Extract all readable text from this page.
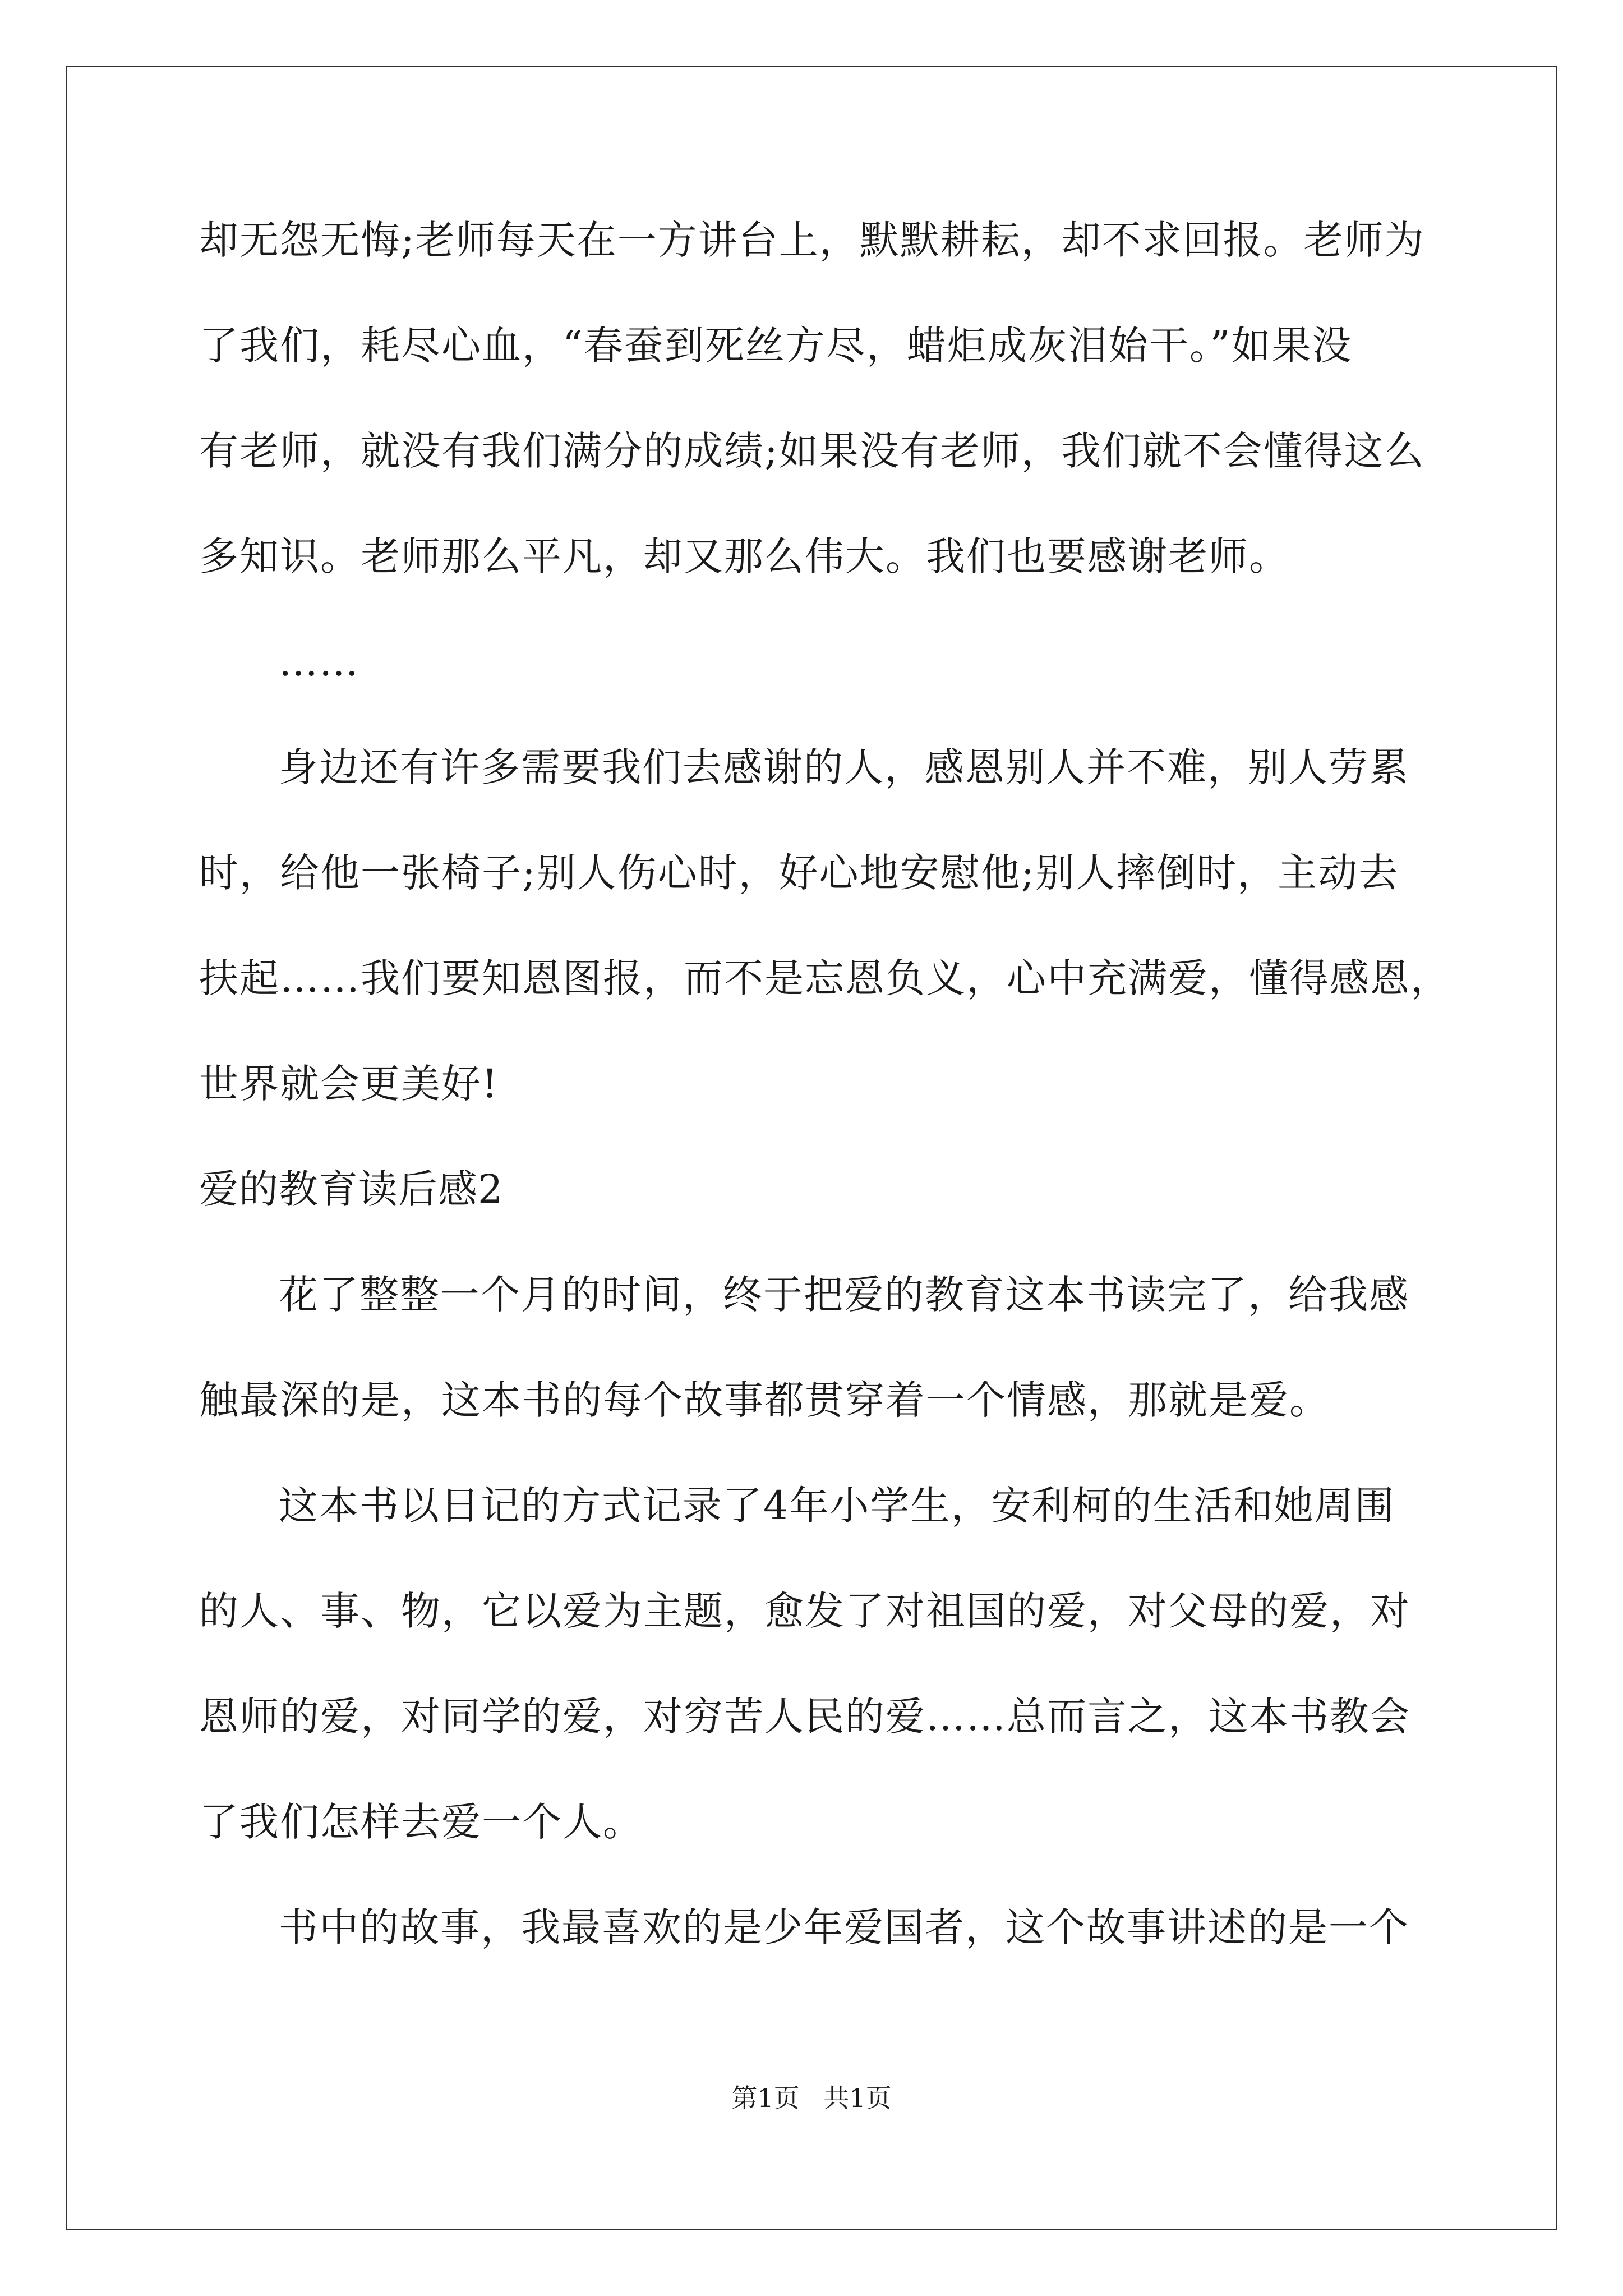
却无怨无悔;老师每天在一方讲台上，默默耕耘，却不求回报。老师为
了我们，耗尽心血，“春蚕到死丝方尽，蜡炬成灰泪始干。”如果没
有老师，就没有我们满分的成绩;如果没有老师，我们就不会懂得这么
多知识。老师那么平凡，却又那么伟大。我们也要感谢老师。
……
身边还有许多需要我们去感谢的人，感恩别人并不难，别人劳累
时，给他一张椅子;别人伤心时，好心地安慰他;别人摔倒时，主动去
扶起……我们要知恩图报，而不是忘恩负义，心中充满爱，懂得感恩，
世界就会更美好!
爱的教育读后感2
花了整整一个月的时间，终于把爱的教育这本书读完了，给我感
触最深的是，这本书的每个故事都贯穿着一个情感，那就是爱。
这本书以日记的方式记录了4年小学生，安利柯的生活和她周围
的人、事、物，它以爱为主题，愈发了对祖国的爱，对父母的爱，对
恩师的爱，对同学的爱，对穷苦人民的爱……总而言之，这本书教会
了我们怎样去爱一个人。
书中的故事，我最喜欢的是少年爱国者，这个故事讲述的是一个
第1页 共1页
